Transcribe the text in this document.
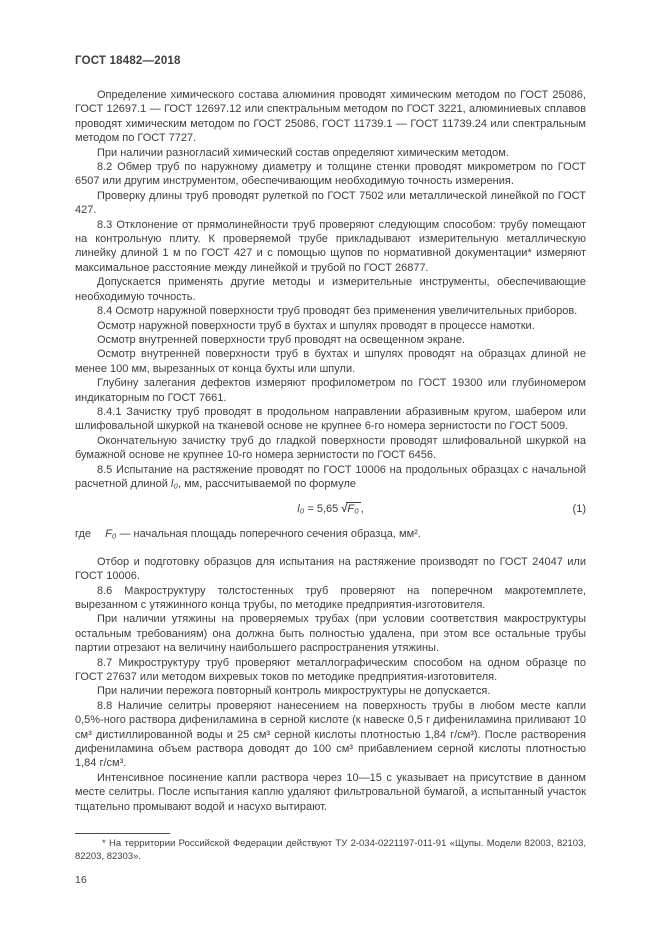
ГОСТ 18482—2018

Определение химического состава алюминия проводят химическим методом по ГОСТ 25086, ГОСТ 12697.1 — ГОСТ 12697.12 или спектральным методом по ГОСТ 3221, алюминиевых сплавов проводят химическим методом по ГОСТ 25086, ГОСТ 11739.1 — ГОСТ 11739.24 или спектральным методом по ГОСТ 7727.

При наличии разногласий химический состав определяют химическим методом.

8.2 Обмер труб по наружному диаметру и толщине стенки проводят микрометром по ГОСТ 6507 или другим инструментом, обеспечивающим необходимую точность измерения.

Проверку длины труб проводят рулеткой по ГОСТ 7502 или металлической линейкой по ГОСТ 427.

8.3 Отклонение от прямолинейности труб проверяют следующим способом: трубу помещают на контрольную плиту. К проверяемой трубе прикладывают измерительную металлическую линейку длиной 1 м по ГОСТ 427 и с помощью щупов по нормативной документации* измеряют максимальное расстояние между линейкой и трубой по ГОСТ 26877.

Допускается применять другие методы и измерительные инструменты, обеспечивающие необходимую точность.

8.4 Осмотр наружной поверхности труб проводят без применения увеличительных приборов.

Осмотр наружной поверхности труб в бухтах и шпулях проводят в процессе намотки.

Осмотр внутренней поверхности труб проводят на освещенном экране.

Осмотр внутренней поверхности труб в бухтах и шпулях проводят на образцах длиной не менее 100 мм, вырезанных от конца бухты или шпули.

Глубину залегания дефектов измеряют профилометром по ГОСТ 19300 или глубиномером индикаторным по ГОСТ 7661.

8.4.1 Зачистку труб проводят в продольном направлении абразивным кругом, шабером или шлифовальной шкуркой на тканевой основе не крупнее 6-го номера зернистости по ГОСТ 5009.

Окончательную зачистку труб до гладкой поверхности проводят шлифовальной шкуркой на бумажной основе не крупнее 10-го номера зернистости по ГОСТ 6456.

8.5 Испытание на растяжение проводят по ГОСТ 10006 на продольных образцах с начальной расчетной длиной l₀, мм, рассчитываемой по формуле

l₀ = 5,65 √F₀ ,	(1)

где F₀ — начальная площадь поперечного сечения образца, мм².

Отбор и подготовку образцов для испытания на растяжение производят по ГОСТ 24047 или ГОСТ 10006.

8.6 Макроструктуру толстостенных труб проверяют на поперечном макротемплете, вырезанном с утяжинного конца трубы, по методике предприятия-изготовителя.

При наличии утяжины на проверяемых трубах (при условии соответствия макроструктуры остальным требованиям) она должна быть полностью удалена, при этом все остальные трубы партии отрезают на величину наибольшего распространения утяжины.

8.7 Микроструктуру труб проверяют металлографическим способом на одном образце по ГОСТ 27637 или методом вихревых токов по методике предприятия-изготовителя.

При наличии пережога повторный контроль микроструктуры не допускается.

8.8 Наличие селитры проверяют нанесением на поверхность трубы в любом месте капли 0,5%-ного раствора дифениламина в серной кислоте (к навеске 0,5 г дифениламина приливают 10 см³ дистиллированной воды и 25 см³ серной кислоты плотностью 1,84 г/см³). После растворения дифениламина объем раствора доводят до 100 см³ прибавлением серной кислоты плотностью 1,84 г/см³.

Интенсивное посинение капли раствора через 10—15 с указывает на присутствие в данном месте селитры. После испытания каплю удаляют фильтровальной бумагой, а испытанный участок тщательно промывают водой и насухо вытирают.

* На территории Российской Федерации действуют ТУ 2-034-0221197-011-91 «Щупы. Модели 82003, 82103, 82203, 82303».

16
